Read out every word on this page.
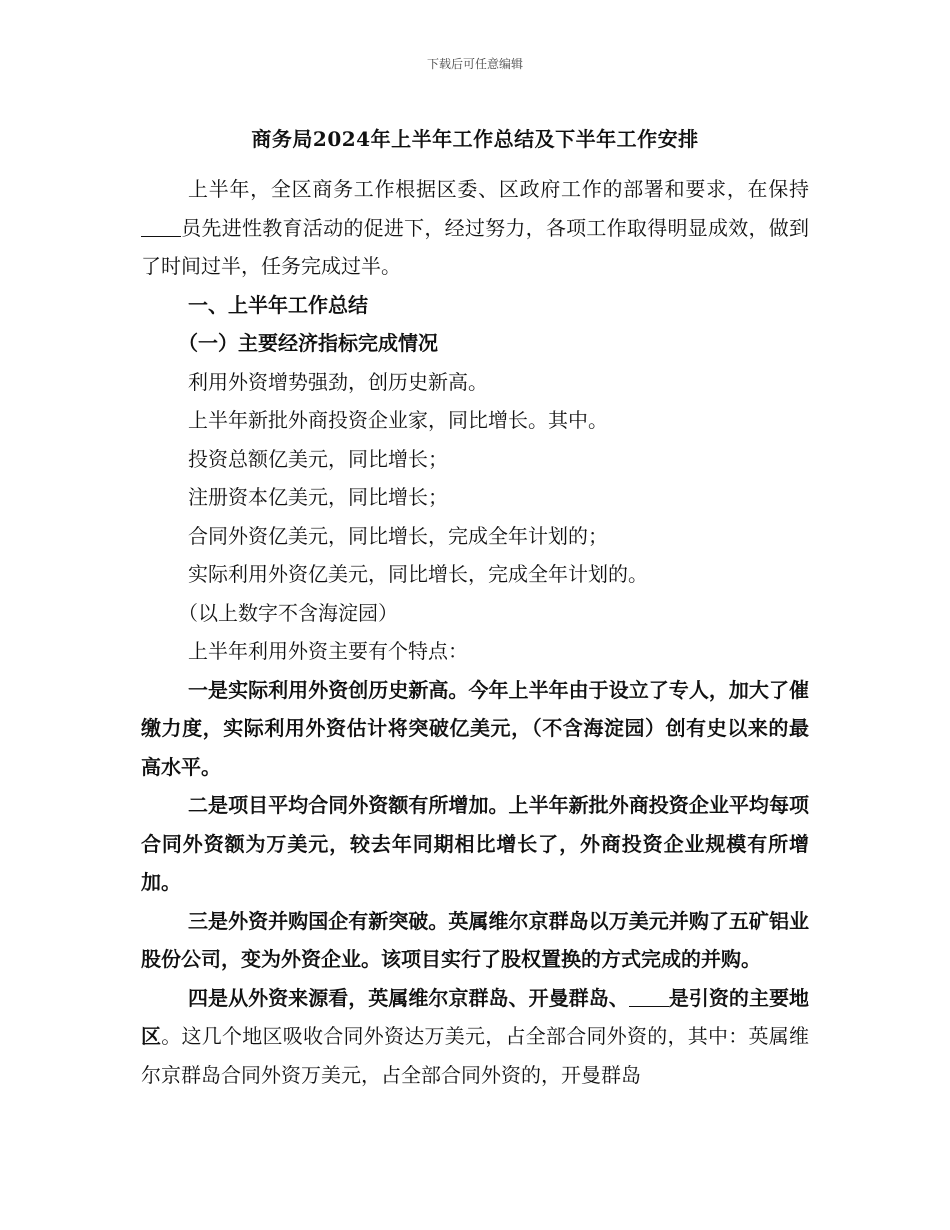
下载后可任意编辑
商务局2024年上半年工作总结及下半年工作安排

上半年，全区商务工作根据区委、区政府工作的部署和要求，在保持员先进性教育活动的促进下，经过努力，各项工作取得明显成效，做到了时间过半，任务完成过半。

一、上半年工作总结

（一）主要经济指标完成情况

利用外资增势强劲，创历史新高。

上半年新批外商投资企业家，同比增长。其中。

投资总额亿美元，同比增长；

注册资本亿美元，同比增长；

合同外资亿美元，同比增长，完成全年计划的；

实际利用外资亿美元，同比增长，完成全年计划的。

（以上数字不含海淀园）

上半年利用外资主要有个特点：

一是实际利用外资创历史新高。今年上半年由于设立了专人，加大了催缴力度，实际利用外资估计将突破亿美元，（不含海淀园）创有史以来的最高水平。

二是项目平均合同外资额有所增加。上半年新批外商投资企业平均每项合同外资额为万美元，较去年同期相比增长了，外商投资企业规模有所增加。

三是外资并购国企有新突破。英属维尔京群岛以万美元并购了五矿铝业股份公司，变为外资企业。该项目实行了股权置换的方式完成的并购。

四是从外资来源看，英属维尔京群岛、开曼群岛、 是引资的主要地区。这几个地区吸收合同外资达万美元，占全部合同外资的，其中：英属维尔京群岛合同外资万美元，占全部合同外资的，开曼群岛
